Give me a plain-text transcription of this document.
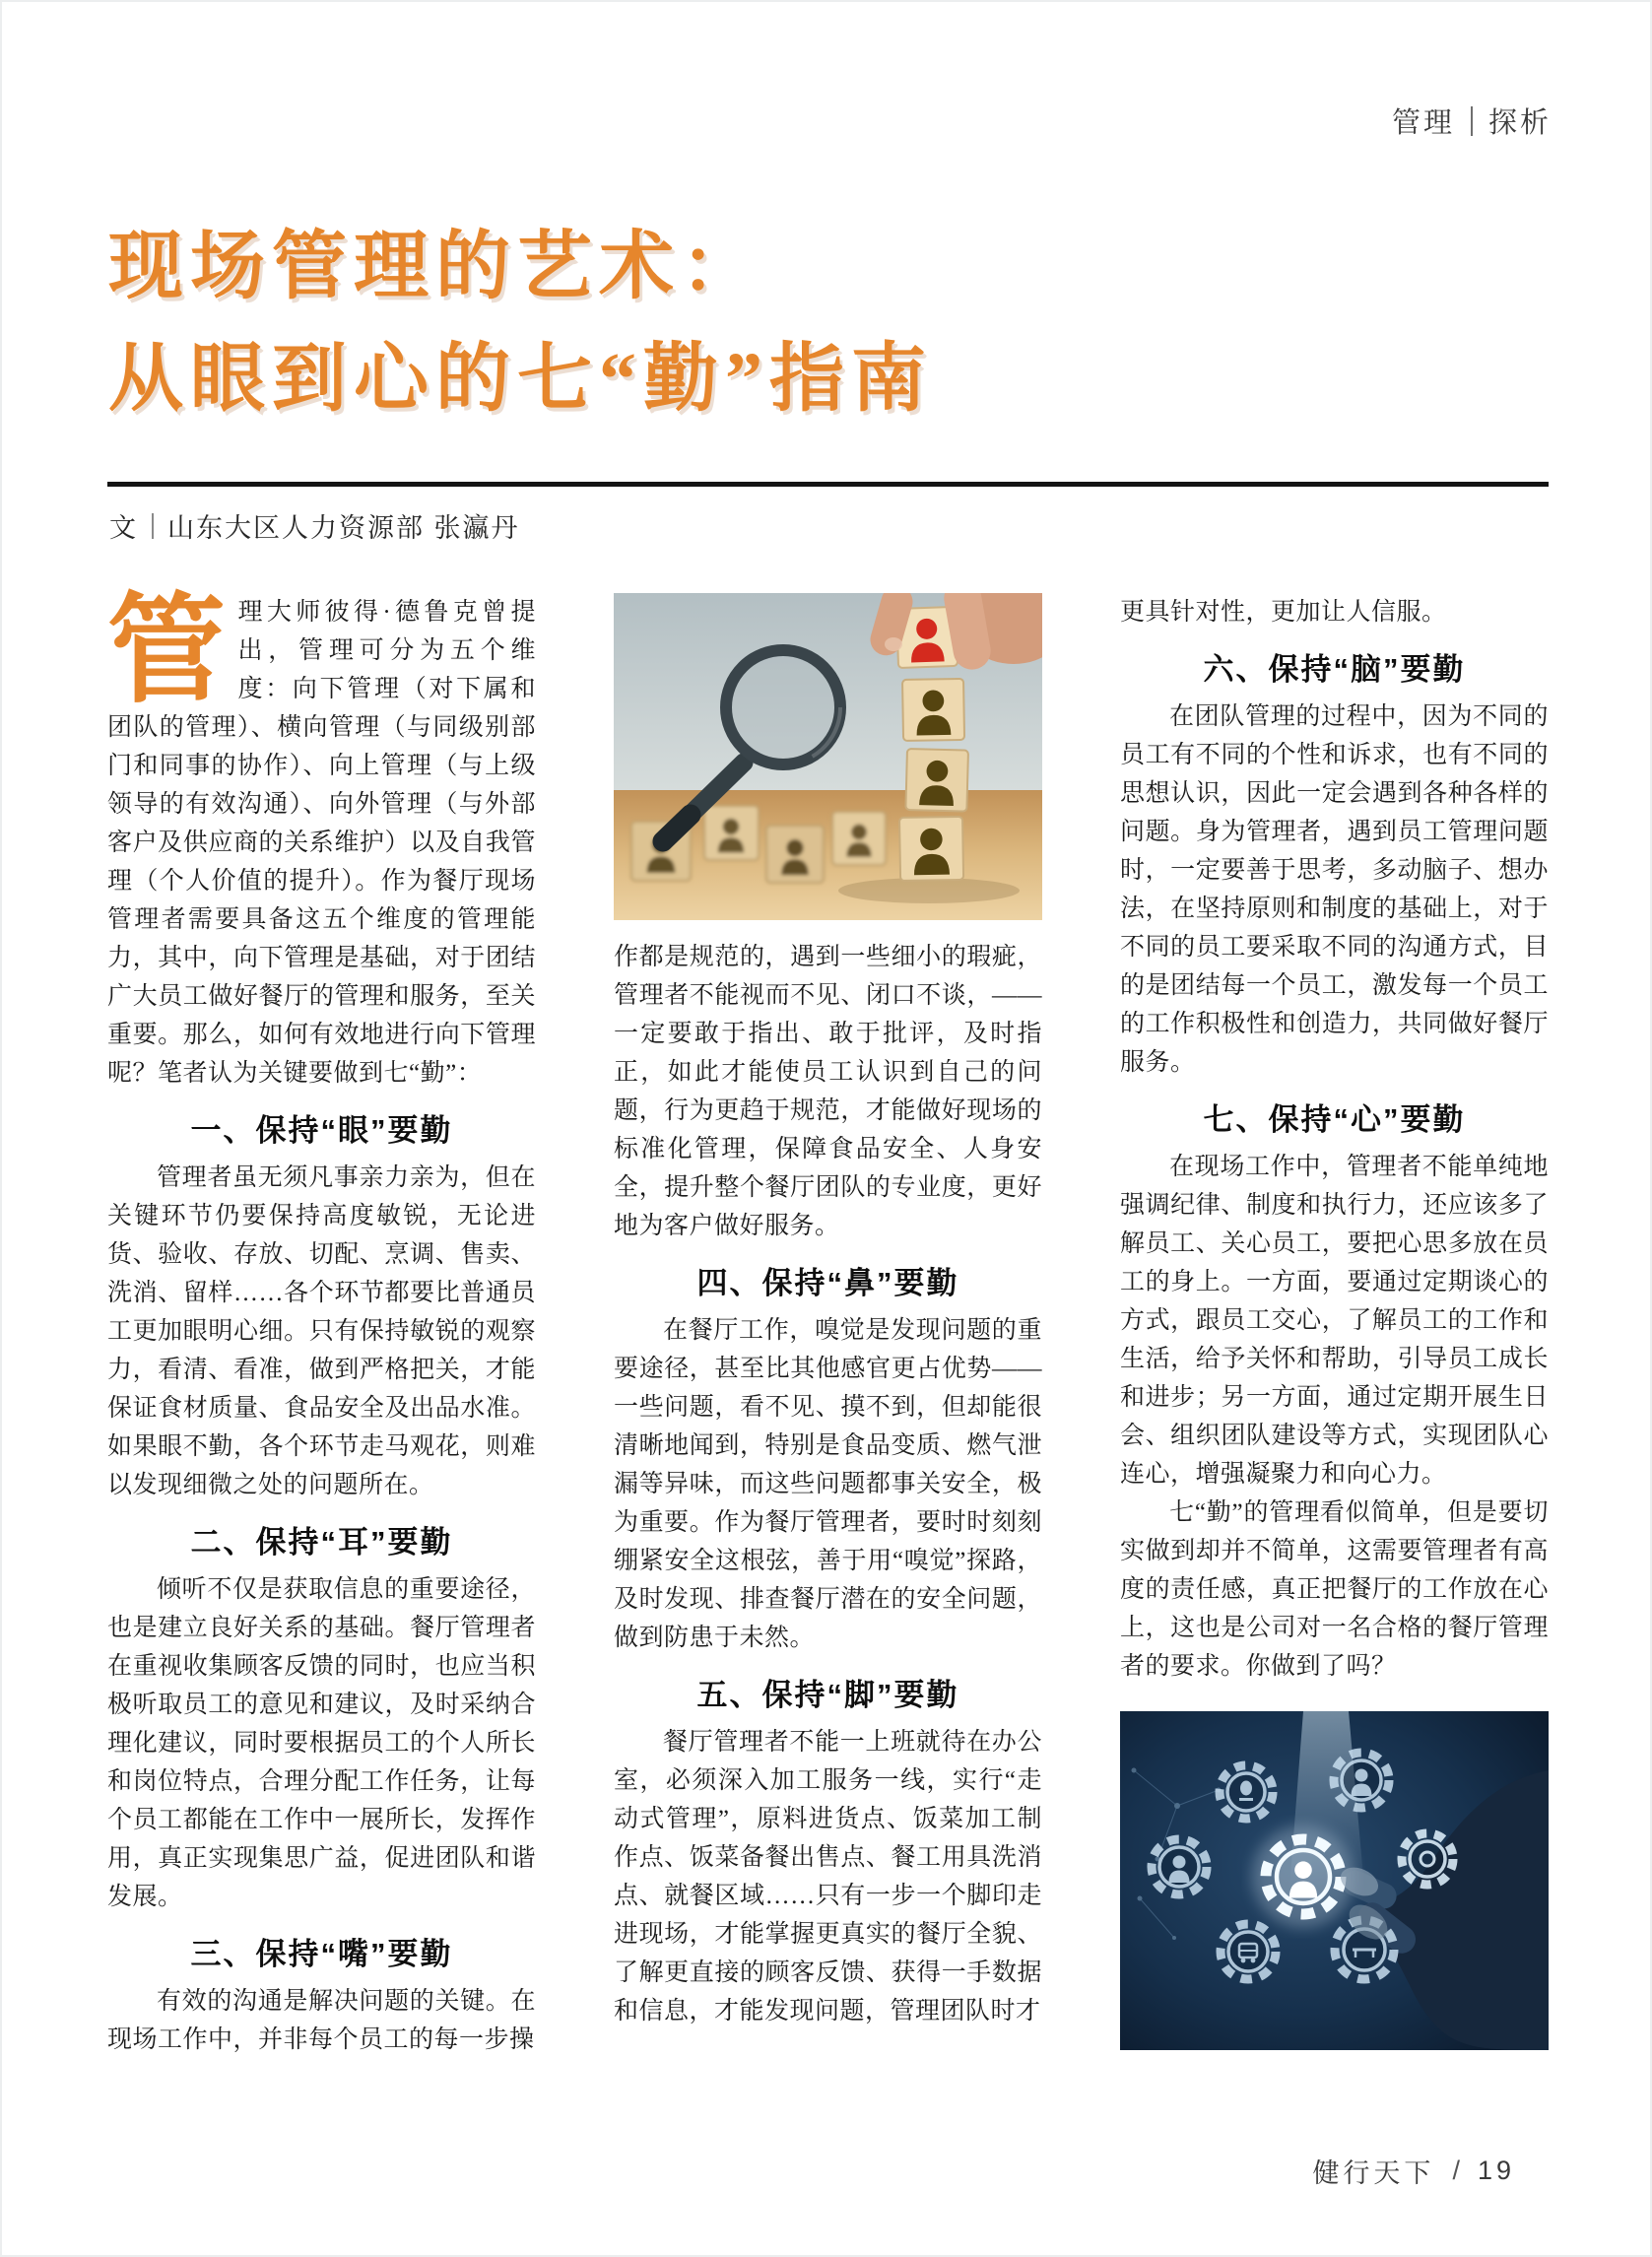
管理 探析
现场管理的艺术：
从眼到心的七“勤”指南
文 山东大区人力资源部 张瀛丹

管理大师彼得·德鲁克曾提出，管理可分为五个维度：向下管理（对下属和团队的管理）、横向管理（与同级别部门和同事的协作）、向上管理（与上级领导的有效沟通）、向外管理（与外部客户及供应商的关系维护）以及自我管理（个人价值的提升）。作为餐厅现场管理者需要具备这五个维度的管理能力，其中，向下管理是基础，对于团结广大员工做好餐厅的管理和服务，至关重要。那么，如何有效地进行向下管理呢？笔者认为关键要做到七“勤”：

一、保持“眼”要勤

管理者虽无须凡事亲力亲为，但在关键环节仍要保持高度敏锐，无论进货、验收、存放、切配、烹调、售卖、洗消、留样……各个环节都要比普通员工更加眼明心细。只有保持敏锐的观察力，看清、看准，做到严格把关，才能保证食材质量、食品安全及出品水准。如果眼不勤，各个环节走马观花，则难以发现细微之处的问题所在。

二、保持“耳”要勤

倾听不仅是获取信息的重要途径，也是建立良好关系的基础。餐厅管理者在重视收集顾客反馈的同时，也应当积极听取员工的意见和建议，及时采纳合理化建议，同时要根据员工的个人所长和岗位特点，合理分配工作任务，让每个员工都能在工作中一展所长，发挥作用，真正实现集思广益，促进团队和谐发展。

三、保持“嘴”要勤

有效的沟通是解决问题的关键。在现场工作中，并非每个员工的每一步操

作都是规范的，遇到一些细小的瑕疵，管理者不能视而不见、闭口不谈，——一定要敢于指出、敢于批评，及时指正，如此才能使员工认识到自己的问题，行为更趋于规范，才能做好现场的标准化管理，保障食品安全、人身安全，提升整个餐厅团队的专业度，更好地为客户做好服务。

四、保持“鼻”要勤

在餐厅工作，嗅觉是发现问题的重要途径，甚至比其他感官更占优势——一些问题，看不见、摸不到，但却能很清晰地闻到，特别是食品变质、燃气泄漏等异味，而这些问题都事关安全，极为重要。作为餐厅管理者，要时时刻刻绷紧安全这根弦，善于用“嗅觉”探路，及时发现、排查餐厅潜在的安全问题，做到防患于未然。

五、保持“脚”要勤

餐厅管理者不能一上班就待在办公室，必须深入加工服务一线，实行“走动式管理”，原料进货点、饭菜加工制作点、饭菜备餐出售点、餐工用具洗消点、就餐区域……只有一步一个脚印走进现场，才能掌握更真实的餐厅全貌、了解更直接的顾客反馈、获得一手数据和信息，才能发现问题，管理团队时才

更具针对性，更加让人信服。

六、保持“脑”要勤

在团队管理的过程中，因为不同的员工有不同的个性和诉求，也有不同的思想认识，因此一定会遇到各种各样的问题。身为管理者，遇到员工管理问题时，一定要善于思考，多动脑子、想办法，在坚持原则和制度的基础上，对于不同的员工要采取不同的沟通方式，目的是团结每一个员工，激发每一个员工的工作积极性和创造力，共同做好餐厅服务。

七、保持“心”要勤

在现场工作中，管理者不能单纯地强调纪律、制度和执行力，还应该多了解员工、关心员工，要把心思多放在员工的身上。一方面，要通过定期谈心的方式，跟员工交心，了解员工的工作和生活，给予关怀和帮助，引导员工成长和进步；另一方面，通过定期开展生日会、组织团队建设等方式，实现团队心连心，增强凝聚力和向心力。

七“勤”的管理看似简单，但是要切实做到却并不简单，这需要管理者有高度的责任感，真正把餐厅的工作放在心上，这也是公司对一名合格的餐厅管理者的要求。你做到了吗？

健行天下 / 19
